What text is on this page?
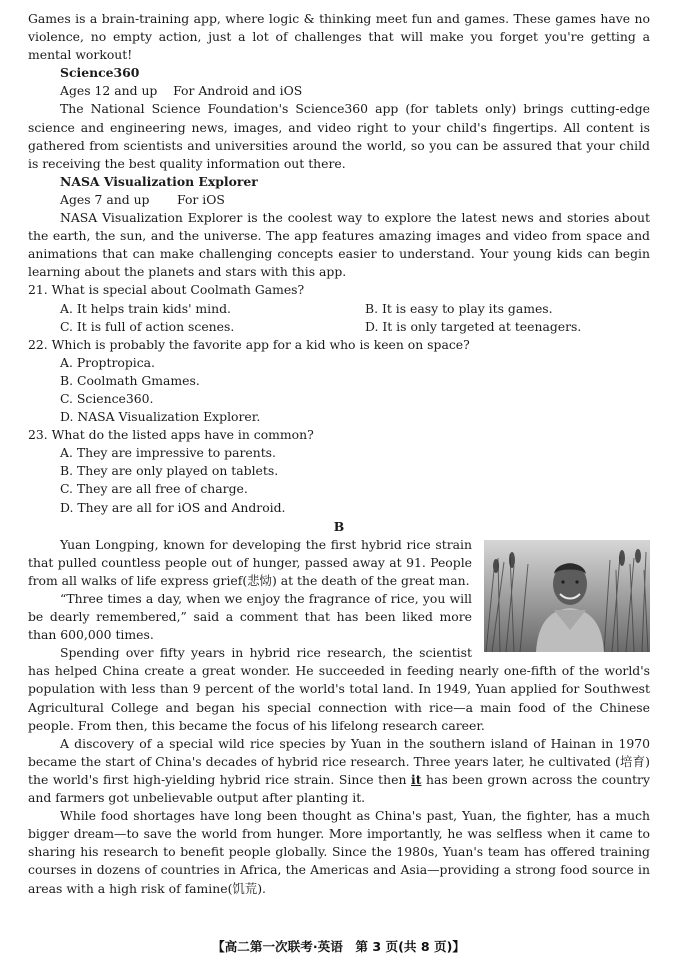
Games is a brain-training app, where logic & thinking meet fun and games. These games have no violence, no empty action, just a lot of challenges that will make you forget you're getting a mental workout!

Science360
Ages 12 and up    For Android and iOS

The National Science Foundation's Science360 app (for tablets only) brings cutting-edge science and engineering news, images, and video right to your child's fingertips. All content is gathered from scientists and universities around the world, so you can be assured that your child is receiving the best quality information out there.

NASA Visualization Explorer
Ages 7 and up       For iOS

NASA Visualization Explorer is the coolest way to explore the latest news and stories about the earth, the sun, and the universe. The app features amazing images and video from space and animations that can make challenging concepts easier to understand. Your young kids can begin learning about the planets and stars with this app.

21. What is special about Coolmath Games?

A. It helps train kids' mind.	B. It is easy to play its games.
C. It is full of action scenes.	D. It is only targeted at teenagers.

22. Which is probably the favorite app for a kid who is keen on space?

A. Proptropica.

B. Coolmath Gmames.

C. Science360.

D. NASA Visualization Explorer.

23. What do the listed apps have in common?

A. They are impressive to parents.

B. They are only played on tablets.

C. They are all free of charge.

D. They are all for iOS and Android.

B

Yuan Longping, known for developing the first hybrid rice strain that pulled countless people out of hunger, passed away at 91. People from all walks of life express grief(悲恸) at the death of the great man.

“Three times a day, when we enjoy the fragrance of rice, you will be dearly remembered,” said a comment that has been liked more than 600,000 times.

Spending over fifty years in hybrid rice research, the scientist has helped China create a great wonder. He succeeded in feeding nearly one-fifth of the world's population with less than 9 percent of the world's total land. In 1949, Yuan applied for Southwest Agricultural College and began his special connection with rice—a main food of the Chinese people. From then, this became the focus of his lifelong research career.

A discovery of a special wild rice species by Yuan in the southern island of Hainan in 1970 became the start of China's decades of hybrid rice research. Three years later, he cultivated (培育) the world's first high-yielding hybrid rice strain. Since then it has been grown across the country and farmers got unbelievable output after planting it.

While food shortages have long been thought as China's past, Yuan, the fighter, has a much bigger dream—to save the world from hunger. More importantly, he was selfless when it came to sharing his research to benefit people globally. Since the 1980s, Yuan's team has offered training courses in dozens of countries in Africa, the Americas and Asia—providing a strong food source in areas with a high risk of famine(饥荒).

【高二第一次联考·英语　第 3 页(共 8 页)】
